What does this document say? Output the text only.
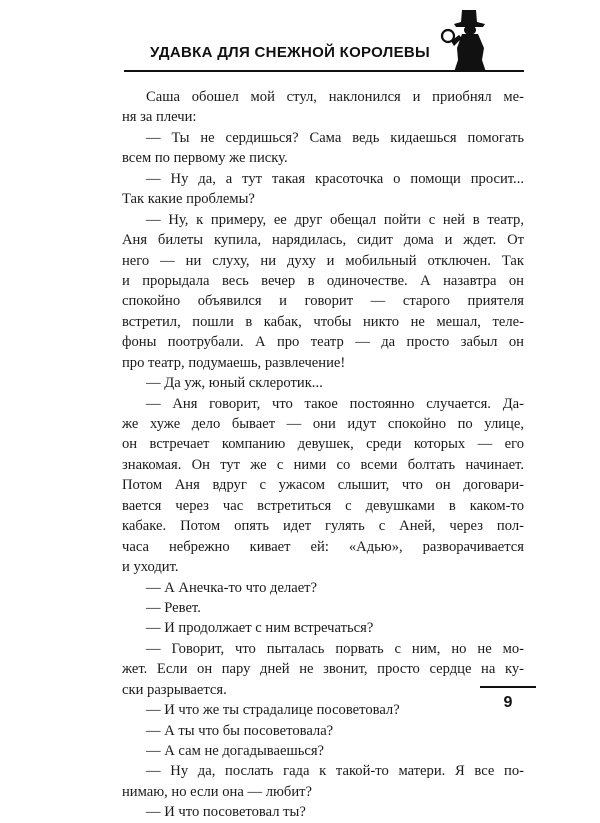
УДАВКА ДЛЯ СНЕЖНОЙ КОРОЛЕВЫ
Саша обошел мой стул, наклонился и приобнял ме-
ня за плечи:
— Ты не сердишься? Сама ведь кидаешься помогать
всем по первому же писку.
— Ну да, а тут такая красоточка о помощи просит...
Так какие проблемы?
— Ну, к примеру, ее друг обещал пойти с ней в театр,
Аня билеты купила, нарядилась, сидит дома и ждет. От
него — ни слуху, ни духу и мобильный отключен. Так
и прорыдала весь вечер в одиночестве. А назавтра он
спокойно объявился и говорит — старого приятеля
встретил, пошли в кабак, чтобы никто не мешал, теле-
фоны поотрубали. А про театр — да просто забыл он
про театр, подумаешь, развлечение!
— Да уж, юный склеротик...
— Аня говорит, что такое постоянно случается. Да-
же хуже дело бывает — они идут спокойно по улице,
он встречает компанию девушек, среди которых — его
знакомая. Он тут же с ними со всеми болтать начинает.
Потом Аня вдруг с ужасом слышит, что он договари-
вается через час встретиться с девушками в каком-то
кабаке. Потом опять идет гулять с Аней, через пол-
часа небрежно кивает ей: «Адью», разворачивается
и уходит.
— А Анечка-то что делает?
— Ревет.
— И продолжает с ним встречаться?
— Говорит, что пыталась порвать с ним, но не мо-
жет. Если он пару дней не звонит, просто сердце на ку-
ски разрывается.
— И что же ты страдалице посоветовал?
— А ты что бы посоветовала?
— А сам не догадываешься?
— Ну да, послать гада к такой-то матери. Я все по-
нимаю, но если она — любит?
— И что посоветовал ты?
9
